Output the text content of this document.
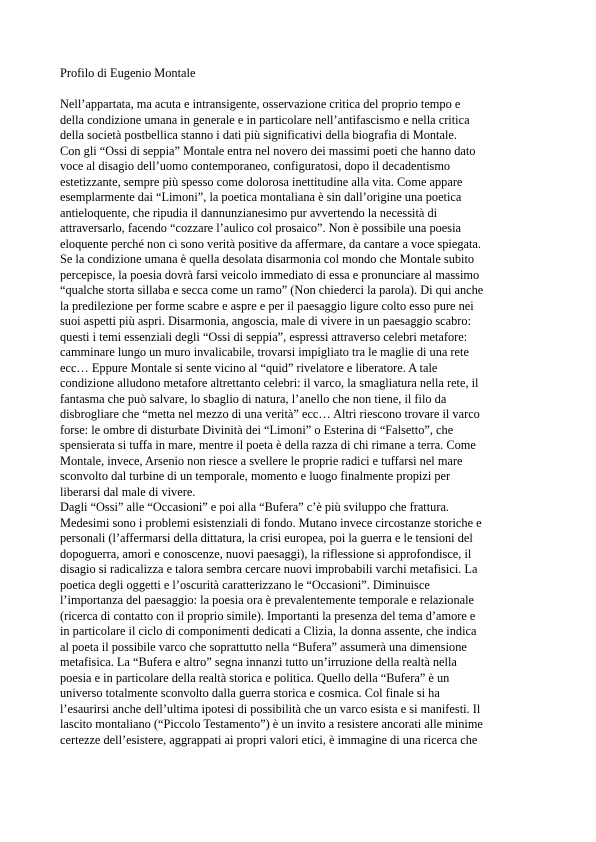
Profilo di Eugenio Montale

Nell’appartata, ma acuta e intransigente, osservazione critica del proprio tempo e
della condizione umana in generale e in particolare nell’antifascismo e nella critica
della società postbellica stanno i dati più significativi della biografia di Montale.
Con gli “Ossi di seppia” Montale entra nel novero dei massimi poeti che hanno dato
voce al disagio dell’uomo contemporaneo, configuratosi, dopo il decadentismo
estetizzante, sempre più spesso come dolorosa inettitudine alla vita. Come appare
esemplarmente dai “Limoni”, la poetica montaliana è sin dall’origine una poetica
antieloquente, che ripudia il dannunzianesimo pur avvertendo la necessità di
attraversarlo, facendo “cozzare l’aulico col prosaico”. Non è possibile una poesia
eloquente perché non ci sono verità positive da affermare, da cantare a voce spiegata.
Se la condizione umana è quella desolata disarmonia col mondo che Montale subito
percepisce, la poesia dovrà farsi veicolo immediato di essa e pronunciare al massimo
“qualche storta sillaba e secca come un ramo” (Non chiederci la parola). Di qui anche
la predilezione per forme scabre e aspre e per il paesaggio ligure colto esso pure nei
suoi aspetti più aspri. Disarmonia, angoscia, male di vivere in un paesaggio scabro:
questi i temi essenziali degli “Ossi di seppia”, espressi attraverso celebri metafore:
camminare lungo un muro invalicabile, trovarsi impigliato tra le maglie di una rete
ecc… Eppure Montale si sente vicino al “quid” rivelatore e liberatore. A tale
condizione alludono metafore altrettanto celebri: il varco, la smagliatura nella rete, il
fantasma che può salvare, lo sbaglio di natura, l’anello che non tiene, il filo da
disbrogliare che “metta nel mezzo di una verità” ecc… Altri riescono trovare il varco
forse: le ombre di disturbate Divinità dei “Limoni” o Esterina di “Falsetto”, che
spensierata si tuffa in mare, mentre il poeta è della razza di chi rimane a terra. Come
Montale, invece, Arsenio non riesce a svellere le proprie radici e tuffarsi nel mare
sconvolto dal turbine di un temporale, momento e luogo finalmente propizi per
liberarsi dal male di vivere.
Dagli “Ossi” alle “Occasioni” e poi alla “Bufera” c’è più sviluppo che frattura.
Medesimi sono i problemi esistenziali di fondo. Mutano invece circostanze storiche e
personali (l’affermarsi della dittatura, la crisi europea, poi la guerra e le tensioni del
dopoguerra, amori e conoscenze, nuovi paesaggi), la riflessione si approfondisce, il
disagio si radicalizza e talora sembra cercare nuovi improbabili varchi metafisici. La
poetica degli oggetti e l’oscurità caratterizzano le “Occasioni”. Diminuisce
l’importanza del paesaggio: la poesia ora è prevalentemente temporale e relazionale
(ricerca di contatto con il proprio simile). Importanti la presenza del tema d’amore e
in particolare il ciclo di componimenti dedicati a Clizia, la donna assente, che indica
al poeta il possibile varco che soprattutto nella “Bufera” assumerà una dimensione
metafisica. La “Bufera e altro” segna innanzi tutto un’irruzione della realtà nella
poesia e in particolare della realtà storica e politica. Quello della “Bufera” è un
universo totalmente sconvolto dalla guerra storica e cosmica. Col finale si ha
l’esaurirsi anche dell’ultima ipotesi di possibilità che un varco esista e si manifesti. Il
lascito montaliano (“Piccolo Testamento”) è un invito a resistere ancorati alle minime
certezze dell’esistere, aggrappati ai propri valori etici, è immagine di una ricerca che
